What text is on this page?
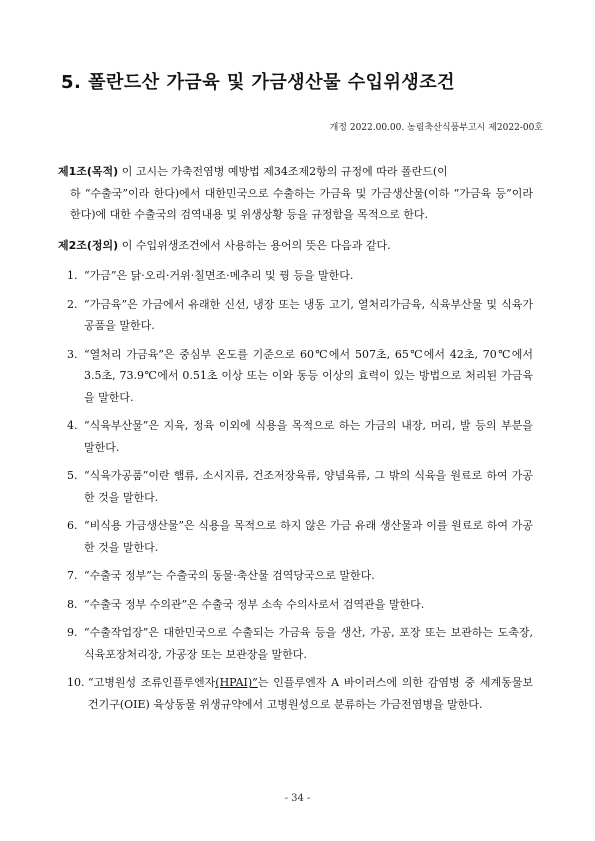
5. 폴란드산 가금육 및 가금생산물 수입위생조건
개정 2022.00.00. 농림축산식품부고시 제2022-00호
제1조(목적) 이 고시는 가축전염병 예방법 제34조제2항의 규정에 따라 폴란드(이
하 “수출국”이라 한다)에서 대한민국으로 수출하는 가금육 및 가금생산물(이하 “가금육 등”이라 한다)에 대한 수출국의 검역내용 및 위생상황 등을 규정함을 목적으로 한다.
제2조(정의) 이 수입위생조건에서 사용하는 용어의 뜻은 다음과 같다.
1. “가금”은 닭·오리·거위·칠면조·메추리 및 꿩 등을 말한다.
2. “가금육”은 가금에서 유래한 신선, 냉장 또는 냉동 고기, 열처리가금육, 식육부산물 및 식육가공품을 말한다.
3. “열처리 가금육”은 중심부 온도를 기준으로 60℃에서 507초, 65℃에서 42초, 70℃에서 3.5초, 73.9℃에서 0.51초 이상 또는 이와 동등 이상의 효력이 있는 방법으로 처리된 가금육을 말한다.
4. “식육부산물”은 지육, 정육 이외에 식용을 목적으로 하는 가금의 내장, 머리, 발 등의 부분을 말한다.
5. “식육가공품”이란 햄류, 소시지류, 건조저장육류, 양념육류, 그 밖의 식육을 원료로 하여 가공한 것을 말한다.
6. “비식용 가금생산물”은 식용을 목적으로 하지 않은 가금 유래 생산물과 이를 원료로 하여 가공한 것을 말한다.
7. “수출국 정부”는 수출국의 동물·축산물 검역당국으로 말한다.
8. “수출국 정부 수의관”은 수출국 정부 소속 수의사로서 검역관을 말한다.
9. “수출작업장”은 대한민국으로 수출되는 가금육 등을 생산, 가공, 포장 또는 보관하는 도축장, 식육포장처리장, 가공장 또는 보관장을 말한다.
10. “고병원성 조류인플루엔자(HPAI)”는 인플루엔자 A 바이러스에 의한 감염병 중 세계동물보건기구(OIE) 육상동물 위생규약에서 고병원성으로 분류하는 가금전염병을 말한다.
- 34 -
